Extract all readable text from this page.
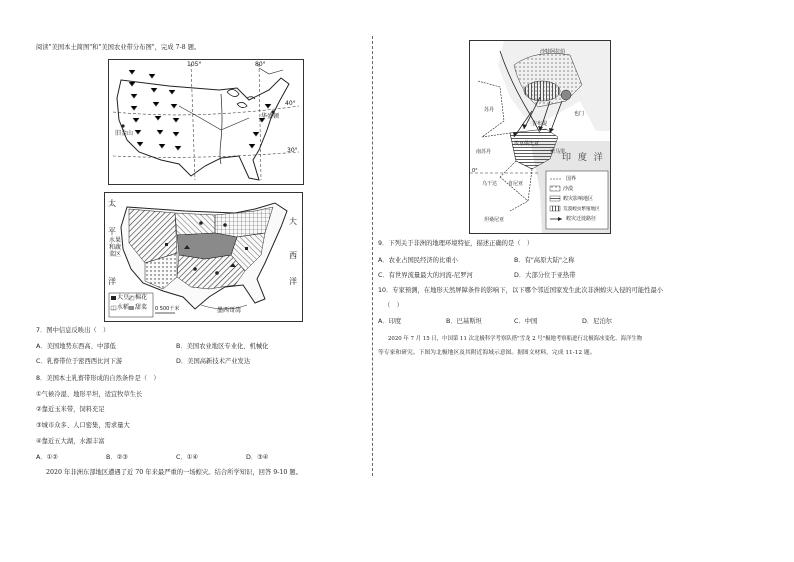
阅读"美国本土简图"和"美国农业带分布图"，完成 7-8 题。
105°	80°
40°
30°
旧金山
华盛顿
太
平
洋
大
西
洋
水果和蔬菜区
墨西哥湾
大豆 棉花
水稻 甜菜 0 500千米
7．图中信息反映出（　）
A．美国地势东西高、中部低	B．美国农业地区专业化、机械化
C．乳畜带位于密西西比河下游	D．美国高新技术产业发达
8．美国本土乳畜带形成的自然条件是（　）
①气候冷湿、地形平坦，适宜牧草生长
②靠近玉米带，饲料充足
③城市众多、人口密集，需求量大
④靠近五大湖，水源丰富
A．①②	B．②③	C．①④	D．③④
2020 年非洲东部地区遭遇了近 70 年来最严重的一场蝗灾。结合所学知识，回答 9-10 题。
沙特阿拉伯
苏丹
南苏丹
埃塞俄比亚
索马里
乌干达 肯尼亚
坦桑尼亚
也门
吉布提
印 度 洋
0°
国界
沙漠
蝗灾影响地区
荒漠蝗虫繁殖地区
蝗灾迁徙路径
9．下列关于非洲的地理环境特征，描述正确的是（　）
A．农业占国民经济的比重小	B．有"高原大陆"之称
C．有世界流量最大的河流-尼罗河	D．大部分位于亚热带
10．专家预测，在地形天然屏障条件的影响下，以下哪个邻近国家发生此次非洲蝗灾入侵的可能性最小
（　）
A．印度	B．巴基斯坦	C．中国	D．尼泊尔
2020 年 7 月 15 日，中国第 11 次北极科学考察队搭"雪龙 2 号"极地考察船进行北极海冰变化、海洋生物
等专家和研究。下图为北极地区及其附近海域示意图。据图文材料，完成 11-12 题。
